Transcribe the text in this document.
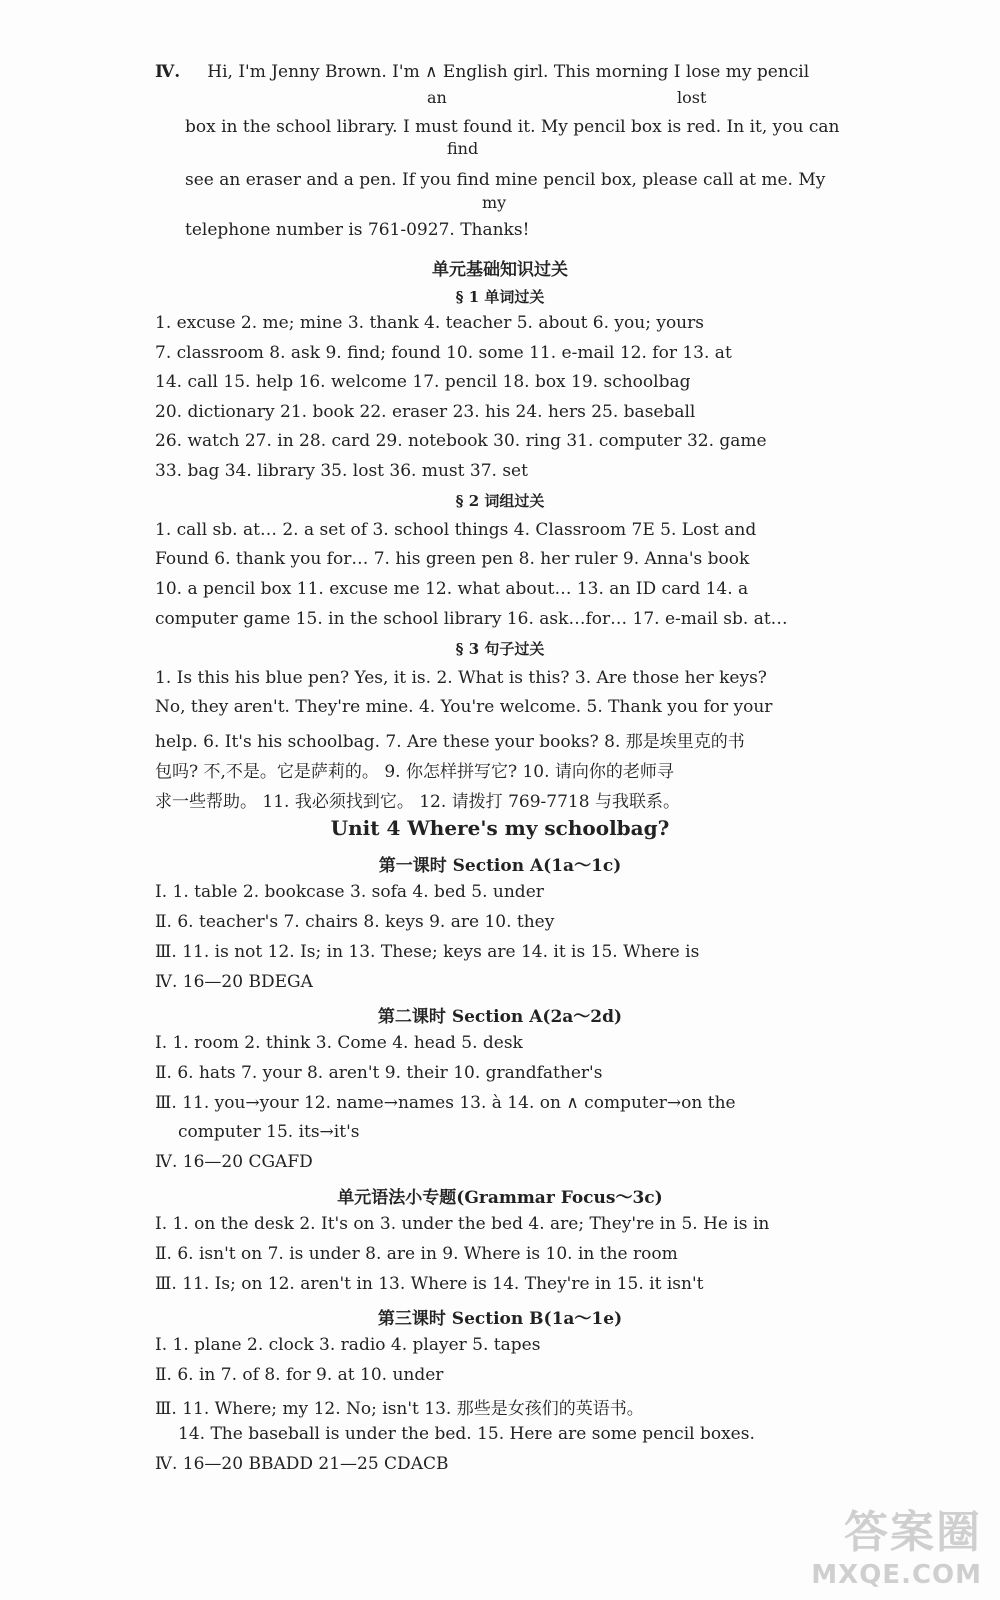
Ⅳ. Hi, I'm Jenny Brown. I'm ∧ English girl. This morning I lose my pencil
an	lost
box in the school library. I must found it. My pencil box is red. In it, you can
find
see an eraser and a pen. If you find mine pencil box, please call at me. My
my
telephone number is 761-0927. Thanks!
单元基础知识过关
§ 1 单词过关
1. excuse 2. me; mine 3. thank 4. teacher 5. about 6. you; yours
7. classroom 8. ask 9. find; found 10. some 11. e-mail 12. for 13. at
14. call 15. help 16. welcome 17. pencil 18. box 19. schoolbag
20. dictionary 21. book 22. eraser 23. his 24. hers 25. baseball
26. watch 27. in 28. card 29. notebook 30. ring 31. computer 32. game
33. bag 34. library 35. lost 36. must 37. set
§ 2 词组过关
1. call sb. at… 2. a set of 3. school things 4. Classroom 7E 5. Lost and
Found 6. thank you for… 7. his green pen 8. her ruler 9. Anna's book
10. a pencil box 11. excuse me 12. what about… 13. an ID card 14. a
computer game 15. in the school library 16. ask…for… 17. e-mail sb. at…
§ 3 句子过关
1. Is this his blue pen? Yes, it is. 2. What is this? 3. Are those her keys?
No, they aren't. They're mine. 4. You're welcome. 5. Thank you for your
help. 6. It's his schoolbag. 7. Are these your books? 8. 那是埃里克的书
包吗? 不,不是。它是萨莉的。 9. 你怎样拼写它? 10. 请向你的老师寻
求一些帮助。 11. 我必须找到它。 12. 请拨打 769-7718 与我联系。
Unit 4 Where's my schoolbag?
第一课时 Section A(1a～1c)
Ⅰ. 1. table 2. bookcase 3. sofa 4. bed 5. under
Ⅱ. 6. teacher's 7. chairs 8. keys 9. are 10. they
Ⅲ. 11. is not 12. Is; in 13. These; keys are 14. it is 15. Where is
Ⅳ. 16—20 BDEGA
第二课时 Section A(2a～2d)
Ⅰ. 1. room 2. think 3. Come 4. head 5. desk
Ⅱ. 6. hats 7. your 8. aren't 9. their 10. grandfather's
Ⅲ. 11. you→your 12. name→names 13. à 14. on ∧ computer→on the
computer 15. its→it's
Ⅳ. 16—20 CGAFD
单元语法小专题(Grammar Focus～3c)
Ⅰ. 1. on the desk 2. It's on 3. under the bed 4. are; They're in 5. He is in
Ⅱ. 6. isn't on 7. is under 8. are in 9. Where is 10. in the room
Ⅲ. 11. Is; on 12. aren't in 13. Where is 14. They're in 15. it isn't
第三课时 Section B(1a～1e)
Ⅰ. 1. plane 2. clock 3. radio 4. player 5. tapes
Ⅱ. 6. in 7. of 8. for 9. at 10. under
Ⅲ. 11. Where; my 12. No; isn't 13. 那些是女孩们的英语书。
14. The baseball is under the bed. 15. Here are some pencil boxes.
Ⅳ. 16—20 BBADD 21—25 CDACB
答案圈
MXQE.COM
